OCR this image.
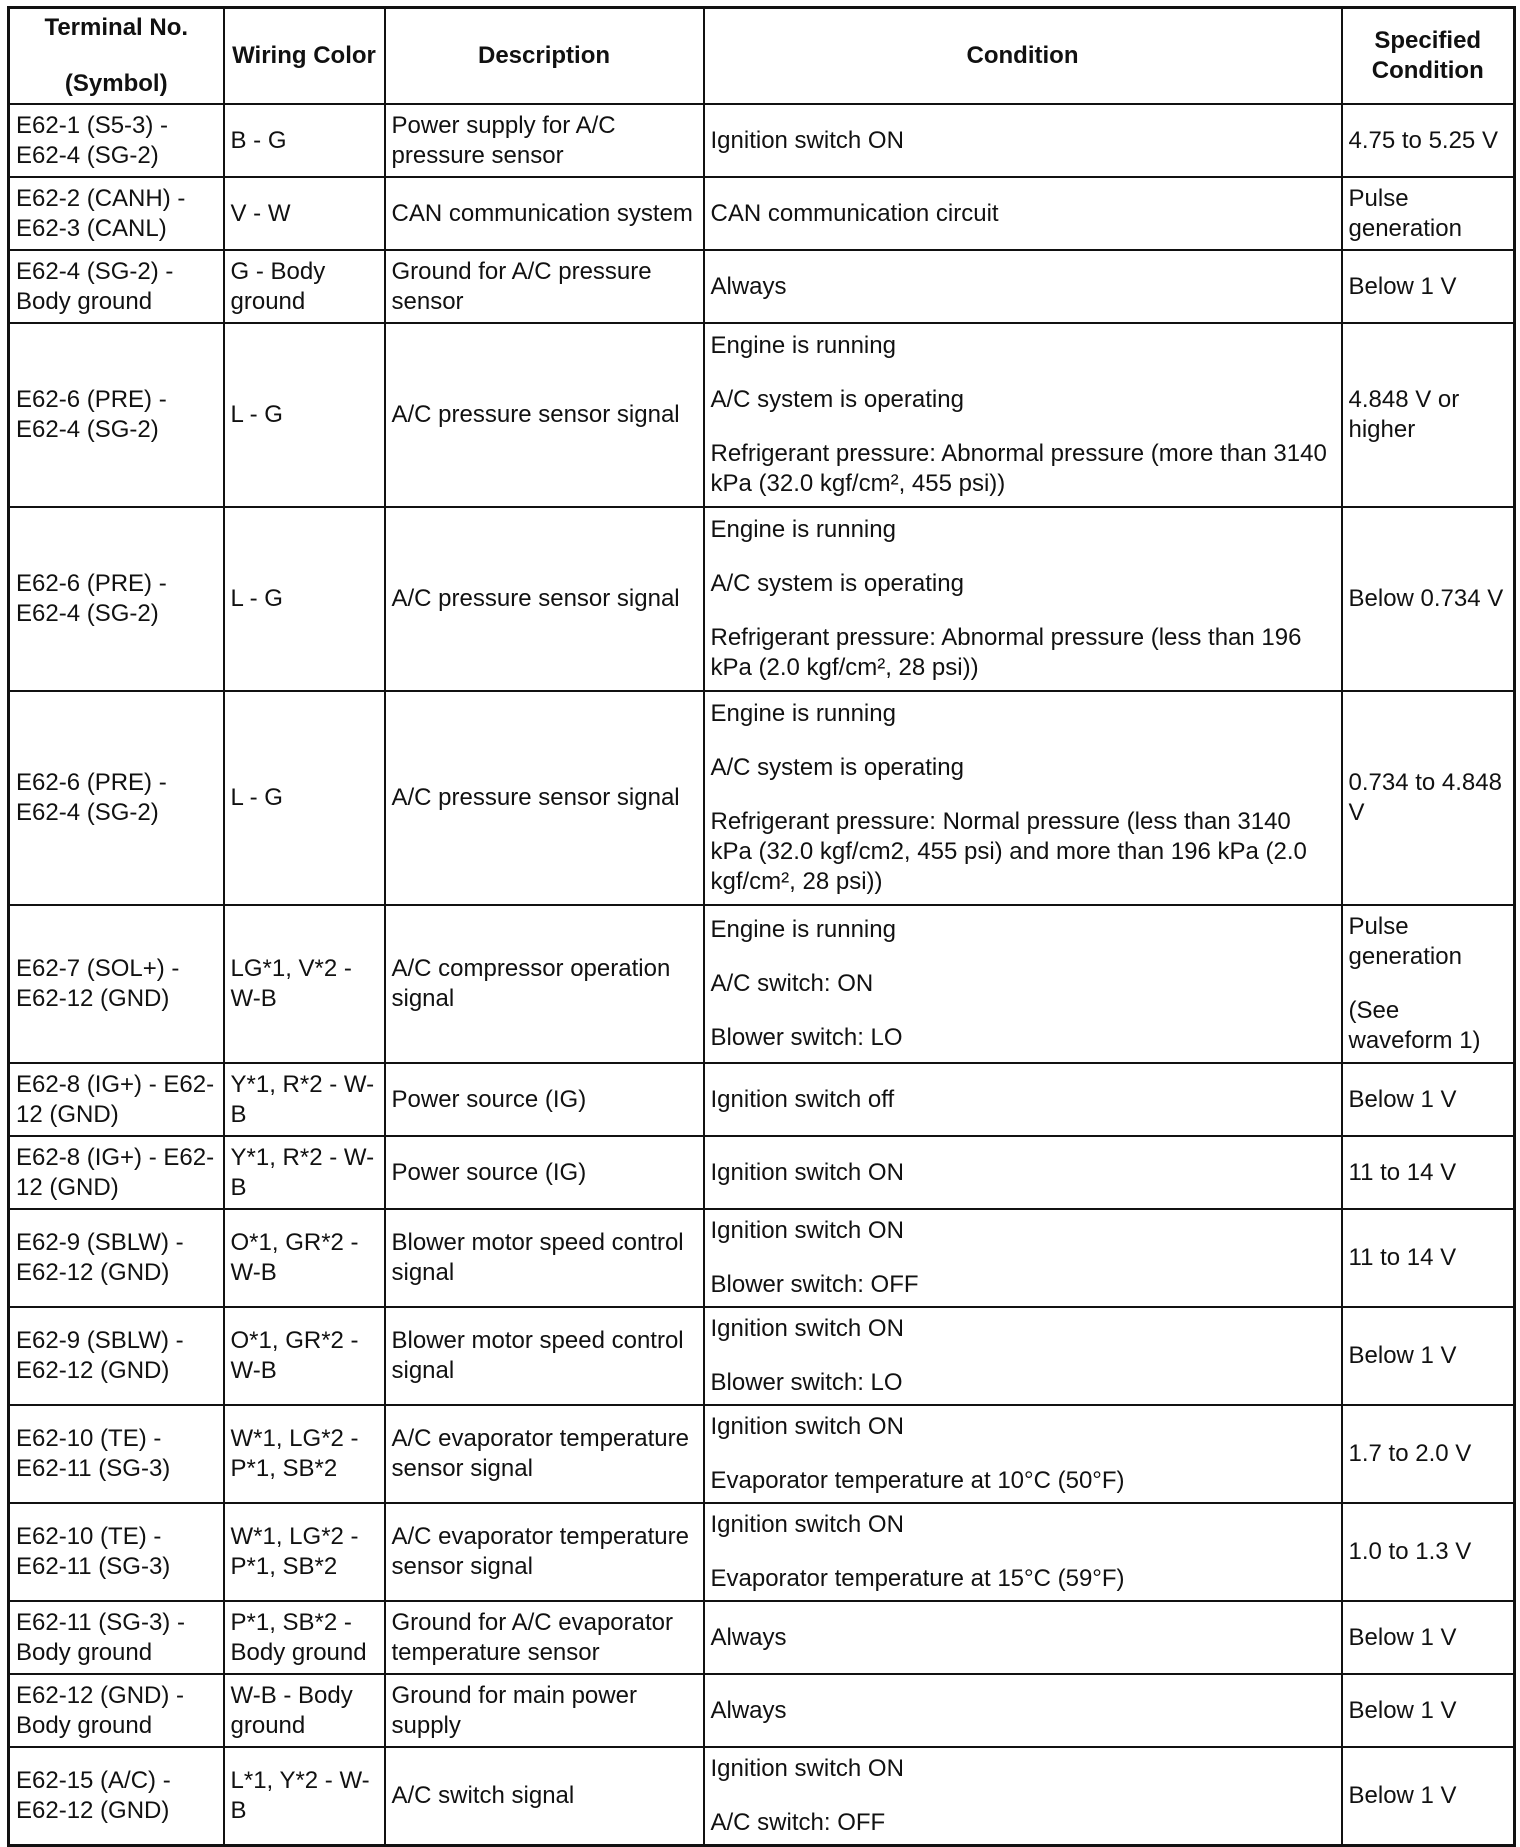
Terminal No.
(Symbol)	Wiring Color	Description	Condition	Specified Condition
E62-1 (S5-3) - E62-4 (SG-2)	B - G	Power supply for A/C pressure sensor	Ignition switch ON	4.75 to 5.25 V

E62-2 (CANH) - E62-3 (CANL)	V - W	CAN communication system	CAN communication circuit	Pulse generation

E62-4 (SG-2) - Body ground	G - Body ground	Ground for A/C pressure sensor	Always	Below 1 V

E62-6 (PRE) - E62-4 (SG-2)	L - G	A/C pressure sensor signal	Engine is running
A/C system is operating
Refrigerant pressure: Abnormal pressure (more than 3140 kPa (32.0 kgf/cm², 455 psi))	4.848 V or higher

E62-6 (PRE) - E62-4 (SG-2)	L - G	A/C pressure sensor signal	Engine is running
A/C system is operating
Refrigerant pressure: Abnormal pressure (less than 196 kPa (2.0 kgf/cm², 28 psi))	Below 0.734 V

E62-6 (PRE) - E62-4 (SG-2)	L - G	A/C pressure sensor signal	Engine is running
A/C system is operating
Refrigerant pressure: Normal pressure (less than 3140 kPa (32.0 kgf/cm2, 455 psi) and more than 196 kPa (2.0 kgf/cm², 28 psi))	0.734 to 4.848 V

E62-7 (SOL+) - E62-12 (GND)	LG*1, V*2 - W-B	A/C compressor operation signal	Engine is running
A/C switch: ON
Blower switch: LO	Pulse generation
(See waveform 1)

E62-8 (IG+) - E62-12 (GND)	Y*1, R*2 - W-B	Power source (IG)	Ignition switch off	Below 1 V

E62-8 (IG+) - E62-12 (GND)	Y*1, R*2 - W-B	Power source (IG)	Ignition switch ON	11 to 14 V

E62-9 (SBLW) - E62-12 (GND)	O*1, GR*2 - W-B	Blower motor speed control signal	Ignition switch ON
Blower switch: OFF	11 to 14 V

E62-9 (SBLW) - E62-12 (GND)	O*1, GR*2 - W-B	Blower motor speed control signal	Ignition switch ON
Blower switch: LO	Below 1 V

E62-10 (TE) - E62-11 (SG-3)	W*1, LG*2 - P*1, SB*2	A/C evaporator temperature sensor signal	Ignition switch ON
Evaporator temperature at 10°C (50°F)	1.7 to 2.0 V

E62-10 (TE) - E62-11 (SG-3)	W*1, LG*2 - P*1, SB*2	A/C evaporator temperature sensor signal	Ignition switch ON
Evaporator temperature at 15°C (59°F)	1.0 to 1.3 V

E62-11 (SG-3) - Body ground	P*1, SB*2 - Body ground	Ground for A/C evaporator temperature sensor	Always	Below 1 V

E62-12 (GND) - Body ground	W-B - Body ground	Ground for main power supply	Always	Below 1 V

E62-15 (A/C) - E62-12 (GND)	L*1, Y*2 - W-B	A/C switch signal	Ignition switch ON
A/C switch: OFF	Below 1 V
